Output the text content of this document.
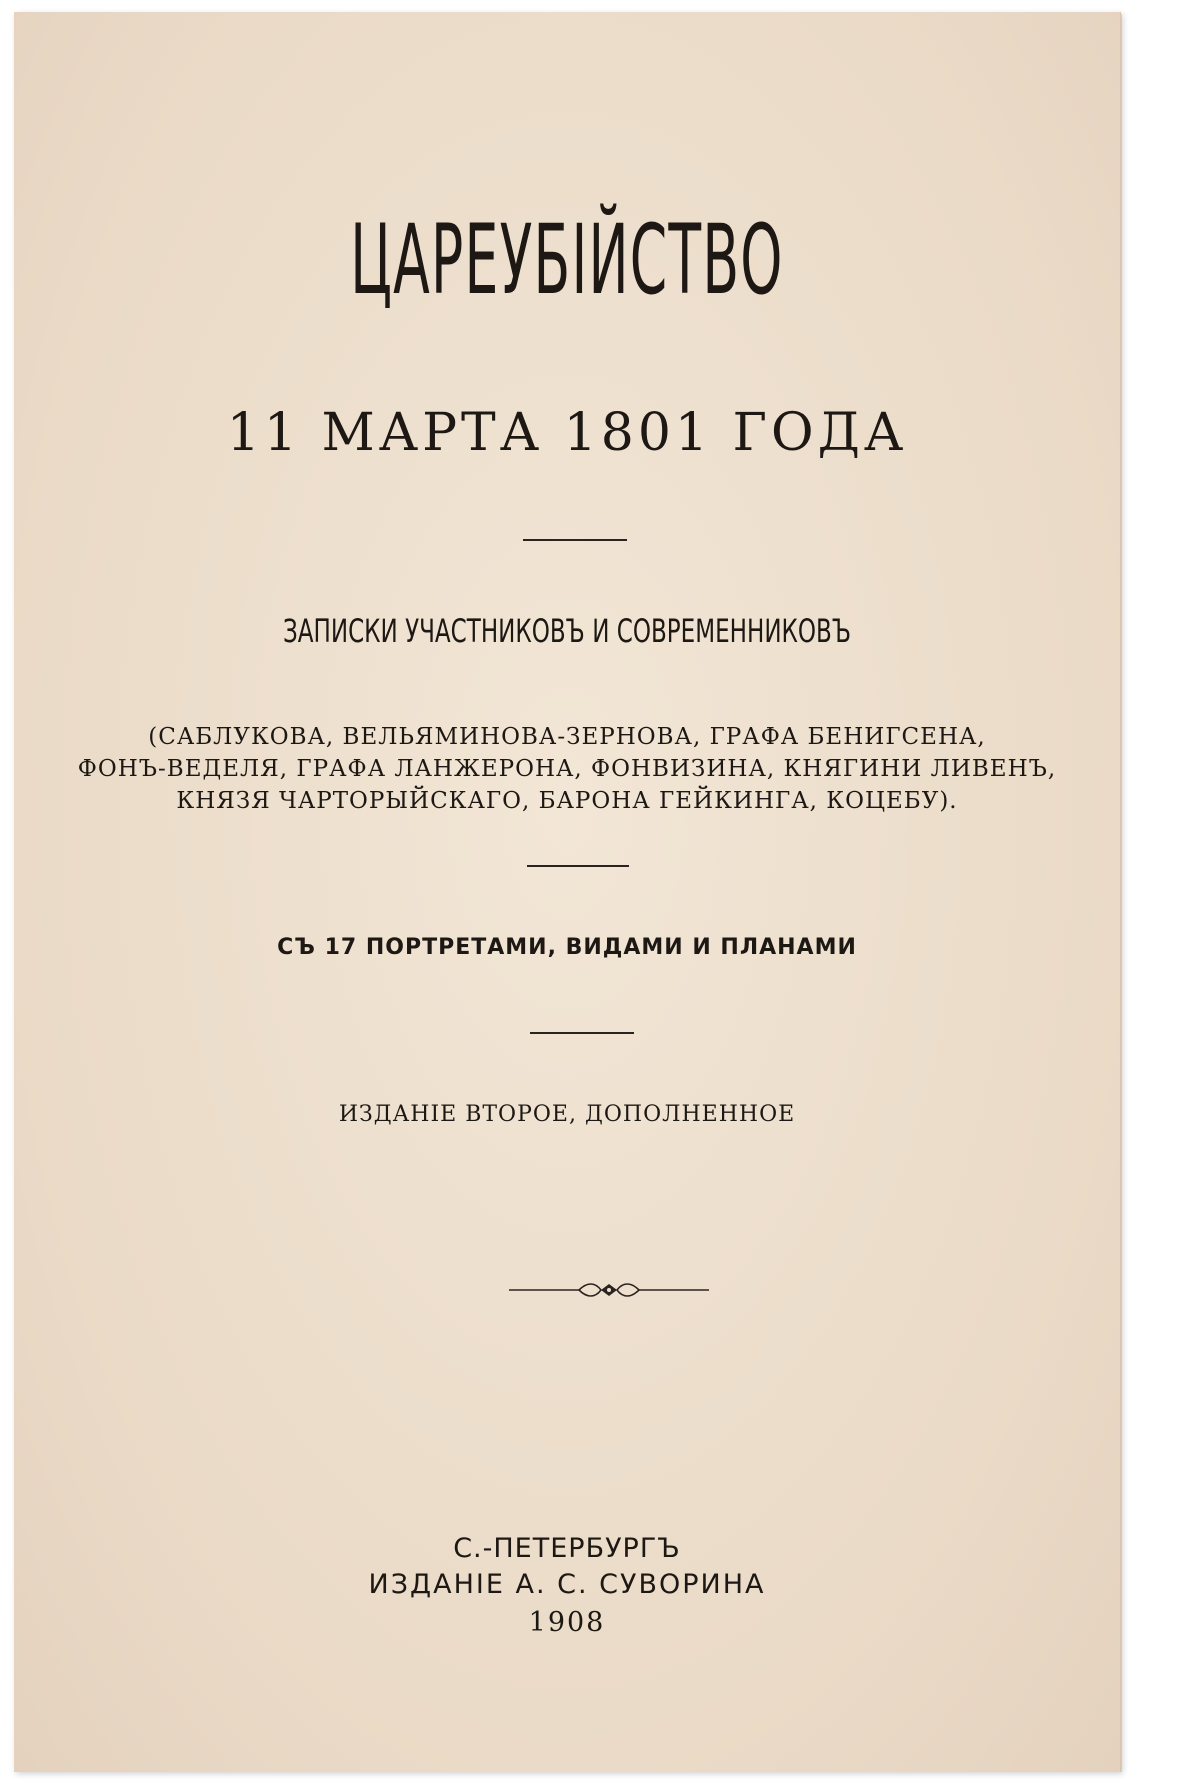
ЦАРЕУБІЙСТВО
11 МАРТА 1801 ГОДА
ЗАПИСКИ УЧАСТНИКОВЪ И СОВРЕМЕННИКОВЪ
(САБЛУКОВА, ВЕЛЬЯМИНОВА-ЗЕРНОВА, ГРАФА БЕНИГСЕНА,
ФОНЪ-ВЕДЕЛЯ, ГРАФА ЛАНЖЕРОНА, ФОНВИЗИНА, КНЯГИНИ ЛИВЕНЪ,
КНЯЗЯ ЧАРТОРЫЙСКАГО, БАРОНА ГЕЙКИНГА, КОЦЕБУ).
СЪ 17 ПОРТРЕТАМИ, ВИДАМИ И ПЛАНАМИ
ИЗДАНІЕ ВТОРОЕ, ДОПОЛНЕННОЕ
С.-ПЕТЕРБУРГЪ
ИЗДАНІЕ А. С. СУВОРИНА
1908
